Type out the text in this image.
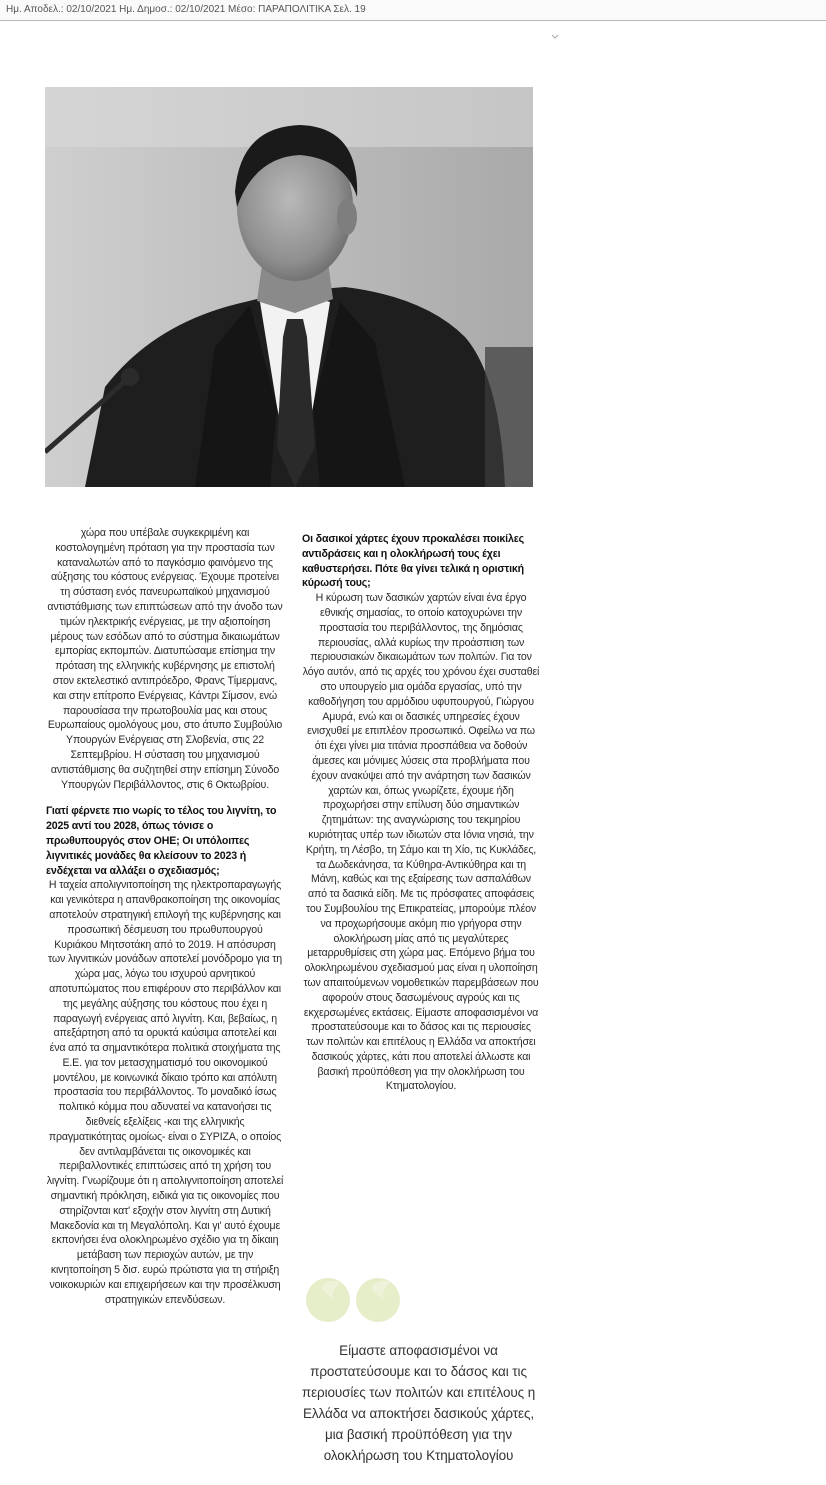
Ημ. Αποδελ.: 02/10/2021 Ημ. Δημοσ.: 02/10/2021 Μέσο: ΠΑΡΑΠΟΛΙΤΙΚΑ Σελ. 19

χώρα που υπέβαλε συγκεκριμένη και κοστολογημένη πρόταση για την προστασία των καταναλωτών από το παγκόσμιο φαινόμενο της αύξησης του κόστους ενέργειας. Έχουμε προτείνει τη σύσταση ενός πανευρωπαϊκού μηχανισμού αντιστάθμισης των επιπτώσεων από την άνοδο των τιμών ηλεκτρικής ενέργειας, με την αξιοποίηση μέρους των εσόδων από το σύστημα δικαιωμάτων εμπορίας εκπομπών. Διατυπώσαμε επίσημα την πρόταση της ελληνικής κυβέρνησης με επιστολή στον εκτελεστικό αντιπρόεδρο, Φρανς Τίμερμανς, και στην επίτροπο Ενέργειας, Κάντρι Σίμσον, ενώ παρουσίασα την πρωτοβουλία μας και στους Ευρωπαίους ομολόγους μου, στο άτυπο Συμβούλιο Υπουργών Ενέργειας στη Σλοβενία, στις 22 Σεπτεμβρίου. Η σύσταση του μηχανισμού αντιστάθμισης θα συζητηθεί στην επίσημη Σύνοδο Υπουργών Περιβάλλοντος, στις 6 Οκτωβρίου.

Γιατί φέρνετε πιο νωρίς το τέλος του λιγνίτη, το 2025 αντί του 2028, όπως τόνισε ο πρωθυπουργός στον ΟΗΕ; Οι υπόλοιπες λιγνιτικές μονάδες θα κλείσουν το 2023 ή ενδέχεται να αλλάξει ο σχεδιασμός;

Η ταχεία απολιγνιτοποίηση της ηλεκτροπαραγωγής και γενικότερα η απανθρακοποίηση της οικονομίας αποτελούν στρατηγική επιλογή της κυβέρνησης και προσωπική δέσμευση του πρωθυπουργού Κυριάκου Μητσοτάκη από το 2019. Η απόσυρση των λιγνιτικών μονάδων αποτελεί μονόδρομο για τη χώρα μας, λόγω του ισχυρού αρνητικού αποτυπώματος που επιφέρουν στο περιβάλλον και της μεγάλης αύξησης του κόστους που έχει η παραγωγή ενέργειας από λιγνίτη. Και, βεβαίως, η απεξάρτηση από τα ορυκτά καύσιμα αποτελεί και ένα από τα σημαντικότερα πολιτικά στοιχήματα της Ε.Ε. για τον μετασχηματισμό του οικονομικού μοντέλου, με κοινωνικά δίκαιο τρόπο και απόλυτη προστασία του περιβάλλοντος. Το μοναδικό ίσως πολιτικό κόμμα που αδυνατεί να κατανοήσει τις διεθνείς εξελίξεις -και της ελληνικής πραγματικότητας ομοίως- είναι ο ΣΥΡΙΖΑ, ο οποίος δεν αντιλαμβάνεται τις οικονομικές και περιβαλλοντικές επιπτώσεις από τη χρήση του λιγνίτη. Γνωρίζουμε ότι η απολιγνιτοποίηση αποτελεί σημαντική πρόκληση, ειδικά για τις οικονομίες που στηρίζονται κατ' εξοχήν στον λιγνίτη στη Δυτική Μακεδονία και τη Μεγαλόπολη. Και γι' αυτό έχουμε εκπονήσει ένα ολοκληρωμένο σχέδιο για τη δίκαιη μετάβαση των περιοχών αυτών, με την κινητοποίηση 5 δισ. ευρώ πρώτιστα για τη στήριξη νοικοκυριών και επιχειρήσεων και την προσέλκυση στρατηγικών επενδύσεων.

Οι δασικοί χάρτες έχουν προκαλέσει ποικίλες αντιδράσεις και η ολοκλήρωσή τους έχει καθυστερήσει. Πότε θα γίνει τελικά η οριστική κύρωσή τους;

Η κύρωση των δασικών χαρτών είναι ένα έργο εθνικής σημασίας, το οποίο κατοχυρώνει την προστασία του περιβάλλοντος, της δημόσιας περιουσίας, αλλά κυρίως την προάσπιση των περιουσιακών δικαιωμάτων των πολιτών. Για τον λόγο αυτόν, από τις αρχές του χρόνου έχει συσταθεί στο υπουργείο μια ομάδα εργασίας, υπό την καθοδήγηση του αρμόδιου υφυπουργού, Γιώργου Αμυρά, ενώ και οι δασικές υπηρεσίες έχουν ενισχυθεί με επιπλέον προσωπικό. Οφείλω να πω ότι έχει γίνει μια τιτάνια προσπάθεια να δοθούν άμεσες και μόνιμες λύσεις στα προβλήματα που έχουν ανακύψει από την ανάρτηση των δασικών χαρτών και, όπως γνωρίζετε, έχουμε ήδη προχωρήσει στην επίλυση δύο σημαντικών ζητημάτων: της αναγνώρισης του τεκμηρίου κυριότητας υπέρ των ιδιωτών στα Ιόνια νησιά, την Κρήτη, τη Λέσβο, τη Σάμο και τη Χίο, τις Κυκλάδες, τα Δωδεκάνησα, τα Κύθηρα-Αντικύθηρα και τη Μάνη, καθώς και της εξαίρεσης των ασπαλάθων από τα δασικά είδη. Με τις πρόσφατες αποφάσεις του Συμβουλίου της Επικρατείας, μπορούμε πλέον να προχωρήσουμε ακόμη πιο γρήγορα στην ολοκλήρωση μίας από τις μεγαλύτερες μεταρρυθμίσεις στη χώρα μας. Επόμενο βήμα του ολοκληρωμένου σχεδιασμού μας είναι η υλοποίηση των απαιτούμενων νομοθετικών παρεμβάσεων που αφορούν στους δασωμένους αγρούς και τις εκχερσωμένες εκτάσεις. Είμαστε αποφασισμένοι να προστατεύσουμε και το δάσος και τις περιουσίες των πολιτών και επιτέλους η Ελλάδα να αποκτήσει δασικούς χάρτες, κάτι που αποτελεί άλλωστε και βασική προϋπόθεση για την ολοκλήρωση του Κτηματολογίου.

Είμαστε αποφασισμένοι να προστατεύσουμε και το δάσος και τις περιουσίες των πολιτών και επιτέλους η Ελλάδα να αποκτήσει δασικούς χάρτες, μια βασική προϋπόθεση για την ολοκλήρωση του Κτηματολογίου
